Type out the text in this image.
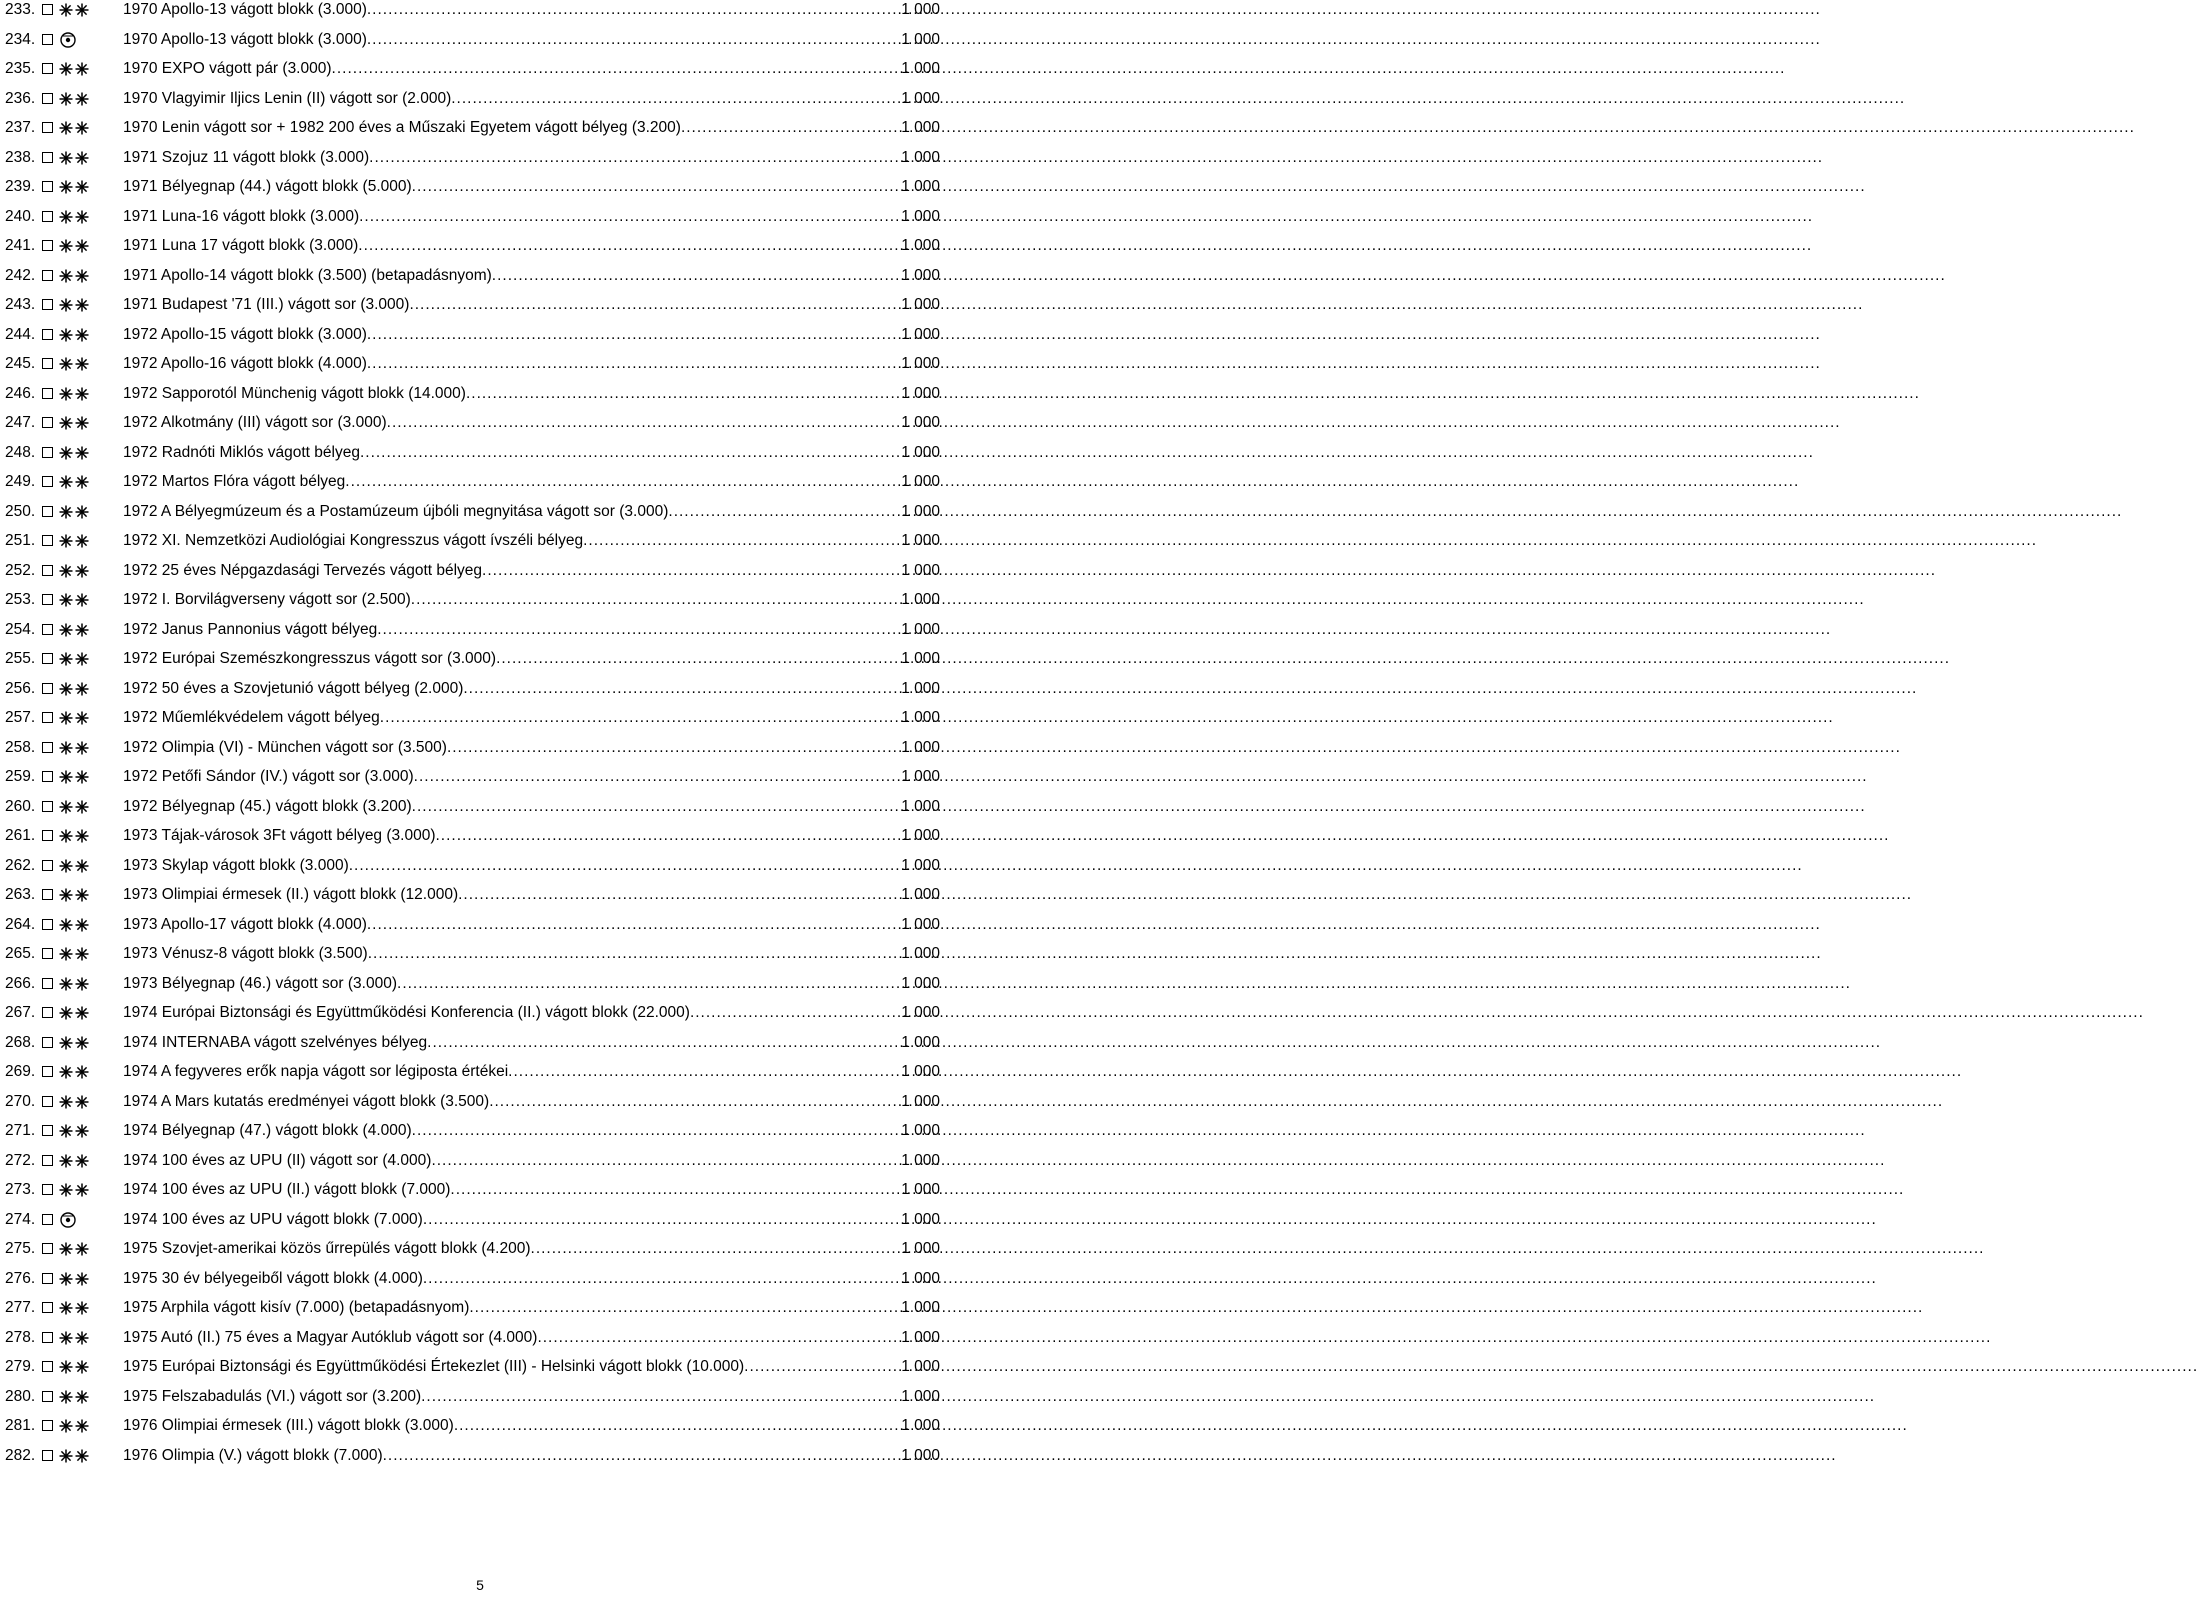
233.	1970 Apollo-13 vágott blokk (3.000) .....	1 000
234.	1970 Apollo-13 vágott blokk (3.000) .....	1 000
235.	1970 EXPO vágott pár (3.000) .....	1 000
236.	1970 Vlagyimir Iljics Lenin (II) vágott sor (2.000) .....	1 000
237.	1970 Lenin vágott sor + 1982 200 éves a Műszaki Egyetem vágott bélyeg (3.200) .....	1 000
238.	1971 Szojuz 11 vágott blokk (3.000) .....	1 000
239.	1971 Bélyegnap (44.) vágott blokk (5.000) .....	1 000
240.	1971 Luna-16 vágott blokk (3.000) .....	1 000
241.	1971 Luna 17 vágott blokk (3.000) .....	1 000
242.	1971 Apollo-14 vágott blokk (3.500) (betapadásnyom) .....	1 000
243.	1971 Budapest '71 (III.) vágott sor (3.000) .....	1 000
244.	1972 Apollo-15 vágott blokk (3.000) .....	1 000
245.	1972 Apollo-16 vágott blokk (4.000) .....	1 000
246.	1972 Sapporotól Münchenig vágott blokk (14.000) .....	1 000
247.	1972 Alkotmány (III) vágott sor (3.000) .....	1 000
248.	1972 Radnóti Miklós vágott bélyeg .....	1 000
249.	1972 Martos Flóra vágott bélyeg .....	1 000
250.	1972 A Bélyegmúzeum és a Postamúzeum újbóli megnyitása vágott sor (3.000) .....	1 000
251.	1972 XI. Nemzetközi Audiológiai Kongresszus vágott ívszéli bélyeg .....	1 000
252.	1972 25 éves Népgazdasági Tervezés vágott bélyeg .....	1 000
253.	1972 I. Borvilágverseny vágott sor (2.500) .....	1 000
254.	1972 Janus Pannonius vágott bélyeg .....	1 000
255.	1972 Európai Szemészkongresszus vágott sor (3.000) .....	1 000
256.	1972 50 éves a Szovjetunió vágott bélyeg (2.000) .....	1 000
257.	1972 Műemlékvédelem vágott bélyeg .....	1 000
258.	1972 Olimpia (VI) - München vágott sor (3.500) .....	1 000
259.	1972 Petőfi Sándor (IV.) vágott sor (3.000) .....	1 000
260.	1972 Bélyegnap (45.) vágott blokk (3.200) .....	1 000
261.	1973 Tájak-városok 3Ft vágott bélyeg (3.000) .....	1 000
262.	1973 Skylap vágott blokk (3.000) .....	1 000
263.	1973 Olimpiai érmesek (II.) vágott blokk (12.000) .....	1 000
264.	1973 Apollo-17 vágott blokk (4.000) .....	1 000
265.	1973 Vénusz-8 vágott blokk (3.500) .....	1 000
266.	1973 Bélyegnap (46.) vágott sor (3.000) .....	1 000
267.	1974 Európai Biztonsági és Együttműködési Konferencia (II.) vágott blokk (22.000) .....	1 000
268.	1974 INTERNABA vágott szelvényes bélyeg .....	1 000
269.	1974 A fegyveres erők napja vágott sor légiposta értékei .....	1 000
270.	1974 A Mars kutatás eredményei vágott blokk (3.500) .....	1 000
271.	1974 Bélyegnap (47.) vágott blokk (4.000) .....	1 000
272.	1974 100 éves az UPU (II) vágott sor (4.000) .....	1 000
273.	1974 100 éves az UPU (II.) vágott blokk (7.000) .....	1 000
274.	1974 100 éves az UPU vágott blokk (7.000) .....	1 000
275.	1975 Szovjet-amerikai közös űrrepülés vágott blokk (4.200) .....	1 000
276.	1975 30 év bélyegeiből vágott blokk (4.000) .....	1 000
277.	1975 Arphila vágott kisív (7.000) (betapadásnyom) .....	1 000
278.	1975 Autó (II.) 75 éves a Magyar Autóklub vágott sor (4.000) .....	1 000
279.	1975 Európai Biztonsági és Együttműködési Értekezlet (III) - Helsinki vágott blokk (10.000) .....	1 000
280.	1975 Felszabadulás (VI.) vágott sor (3.200) .....	1 000
281.	1976 Olimpiai érmesek (III.) vágott blokk (3.000) .....	1 000
282.	1976 Olimpia (V.) vágott blokk (7.000) .....	1 000
5
